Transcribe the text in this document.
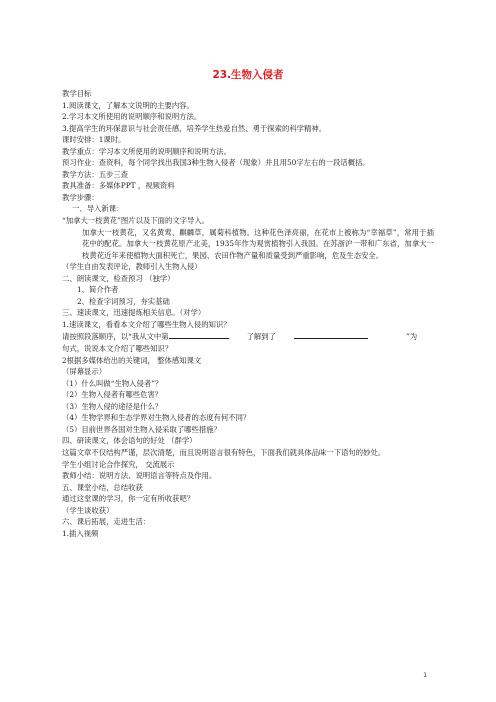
23.生物入侵者
教学目标
1.阅读课文，了解本文说明的主要内容。
2.学习本文所使用的说明顺序和说明方法。
3.提高学生的环保意识与社会责任感，培养学生热爱自然、勇于探索的科学精神。
课时安排：1课时。
教学重点：学习本文所使用的说明顺序和说明方法。
预习作业：查资料，每个同学找出我国3种生物入侵者（现象）并且用50字左右的一段话概括。
教学方法：五步三查
教具准备：多媒体PPT ，视频资料
教学步骤：
一、导入新课：
“加拿大一枝黄花”图片以及下面的文字导入。
加拿大一枝黄花，又名黄莺、麒麟草，属菊科植物。这种花色泽亮丽，在花市上被称为“幸福草”，常用于插花中的配花。加拿大一枝黄花原产北美，1935年作为观赏植物引入我国。在苏浙沪一带和广东省，加拿大一枝黄花近年来使植物大面积死亡，果园、农田作物产量和质量受到严重影响，危及生态安全。
（学生自由发表评论，教师引入生物入侵）
二、朗读课文，检查预习 （独学）
1、简介作者
2、检查字词预习，夯实基础
三、速读课文，迅速提炼相关信息。（对学）
1.速读课文，看看本文介绍了哪些生物入侵的知识？
请按照段落顺序，以“我从文中第	了解到了	”为
句式，说说本文介绍了哪些知识？
2根据多媒体给出的关键词， 整体感知课文
（屏幕显示）
（1）什么叫做“生物入侵者”？
（2）生物入侵者有哪些危害？
（3）生物入侵的途径是什么？
（4）生物学界和生态学界对生物入侵者的态度有何不同？
（5）目前世界各国对生物入侵采取了哪些措施？
四、研读课文，体会语句的好处 （群学）
这篇文章不仅结构严谨，层次清楚，而且说明语言很有特色，下面我们就具体品味一下语句的妙处。
学生小组讨论合作探究， 交流展示
教师小结：说明方法、说明语言等特点及作用。
五、课堂小结，总结收获
通过这堂课的学习，你一定有所收获吧？
（学生谈收获）
六、课后拓展，走进生活：
1.插入视频
1
